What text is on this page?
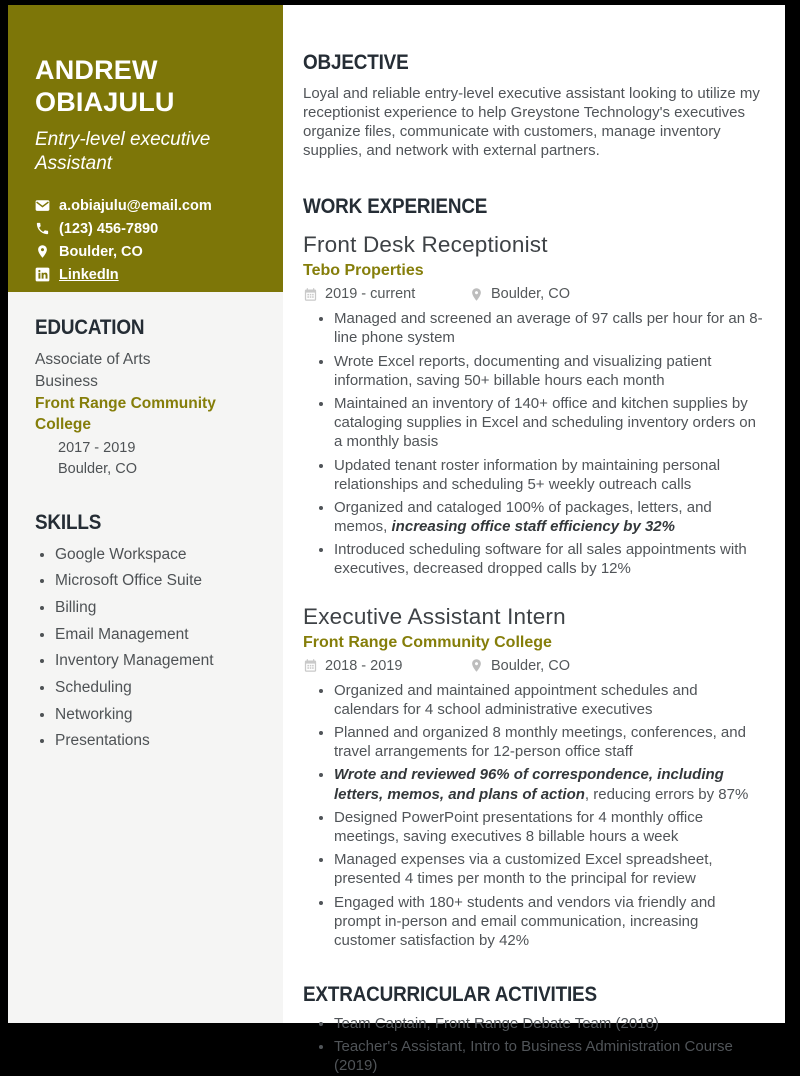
ANDREW OBIAJULU
Entry-level executive Assistant
a.obiajulu@email.com
(123) 456-7890
Boulder, CO
LinkedIn
EDUCATION
Associate of Arts
Business
Front Range Community College
2017 - 2019
Boulder, CO
SKILLS
• Google Workspace
• Microsoft Office Suite
• Billing
• Email Management
• Inventory Management
• Scheduling
• Networking
• Presentations
OBJECTIVE

Loyal and reliable entry-level executive assistant looking to utilize my receptionist experience to help Greystone Technology's executives organize files, communicate with customers, manage inventory supplies, and network with external partners.

WORK EXPERIENCE
Front Desk Receptionist
Tebo Properties
2019 - current	Boulder, CO
• Managed and screened an average of 97 calls per hour for an 8-line phone system
• Wrote Excel reports, documenting and visualizing patient information, saving 50+ billable hours each month
• Maintained an inventory of 140+ office and kitchen supplies by cataloging supplies in Excel and scheduling inventory orders on a monthly basis
• Updated tenant roster information by maintaining personal relationships and scheduling 5+ weekly outreach calls
• Organized and cataloged 100% of packages, letters, and memos, increasing office staff efficiency by 32%
• Introduced scheduling software for all sales appointments with executives, decreased dropped calls by 12%
Executive Assistant Intern
Front Range Community College
2018 - 2019	Boulder, CO
• Organized and maintained appointment schedules and calendars for 4 school administrative executives
• Planned and organized 8 monthly meetings, conferences, and travel arrangements for 12-person office staff
• Wrote and reviewed 96% of correspondence, including letters, memos, and plans of action, reducing errors by 87%
• Designed PowerPoint presentations for 4 monthly office meetings, saving executives 8 billable hours a week
• Managed expenses via a customized Excel spreadsheet, presented 4 times per month to the principal for review
• Engaged with 180+ students and vendors via friendly and prompt in-person and email communication, increasing customer satisfaction by 42%
EXTRACURRICULAR ACTIVITIES
• Team Captain, Front Range Debate Team (2018)
• Teacher's Assistant, Intro to Business Administration Course (2019)
